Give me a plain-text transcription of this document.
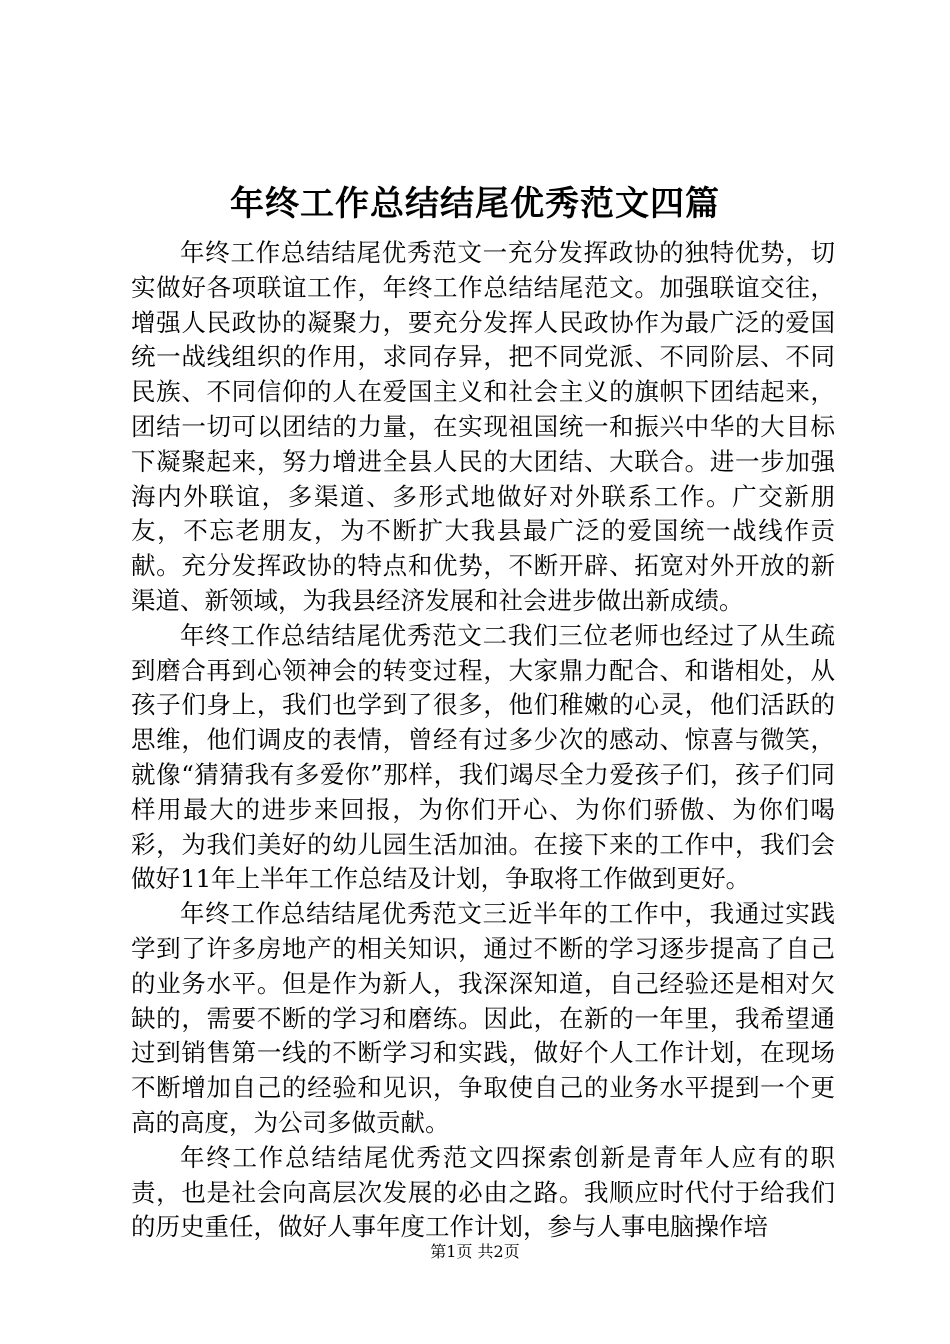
年终工作总结结尾优秀范文四篇

年终工作总结结尾优秀范文一充分发挥政协的独特优势，切实做好各项联谊工作，年终工作总结结尾范文。加强联谊交往，增强人民政协的凝聚力，要充分发挥人民政协作为最广泛的爱国统一战线组织的作用，求同存异，把不同党派、不同阶层、不同民族、不同信仰的人在爱国主义和社会主义的旗帜下团结起来，团结一切可以团结的力量，在实现祖国统一和振兴中华的大目标下凝聚起来，努力增进全县人民的大团结、大联合。进一步加强海内外联谊，多渠道、多形式地做好对外联系工作。广交新朋友，不忘老朋友，为不断扩大我县最广泛的爱国统一战线作贡献。充分发挥政协的特点和优势，不断开辟、拓宽对外开放的新渠道、新领域，为我县经济发展和社会进步做出新成绩。

年终工作总结结尾优秀范文二我们三位老师也经过了从生疏到磨合再到心领神会的转变过程，大家鼎力配合、和谐相处，从孩子们身上，我们也学到了很多，他们稚嫩的心灵，他们活跃的思维，他们调皮的表情，曾经有过多少次的感动、惊喜与微笑，就像“猜猜我有多爱你”那样，我们竭尽全力爱孩子们，孩子们同样用最大的进步来回报，为你们开心、为你们骄傲、为你们喝彩，为我们美好的幼儿园生活加油。在接下来的工作中，我们会做好11年上半年工作总结及计划，争取将工作做到更好。

年终工作总结结尾优秀范文三近半年的工作中，我通过实践学到了许多房地产的相关知识，通过不断的学习逐步提高了自己的业务水平。但是作为新人，我深深知道，自己经验还是相对欠缺的，需要不断的学习和磨练。因此，在新的一年里，我希望通过到销售第一线的不断学习和实践，做好个人工作计划，在现场不断增加自己的经验和见识，争取使自己的业务水平提到一个更高的高度，为公司多做贡献。

年终工作总结结尾优秀范文四探索创新是青年人应有的职责，也是社会向高层次发展的必由之路。我顺应时代付于给我们的历史重任，做好人事年度工作计划，参与人事电脑操作培

第1页 共2页
